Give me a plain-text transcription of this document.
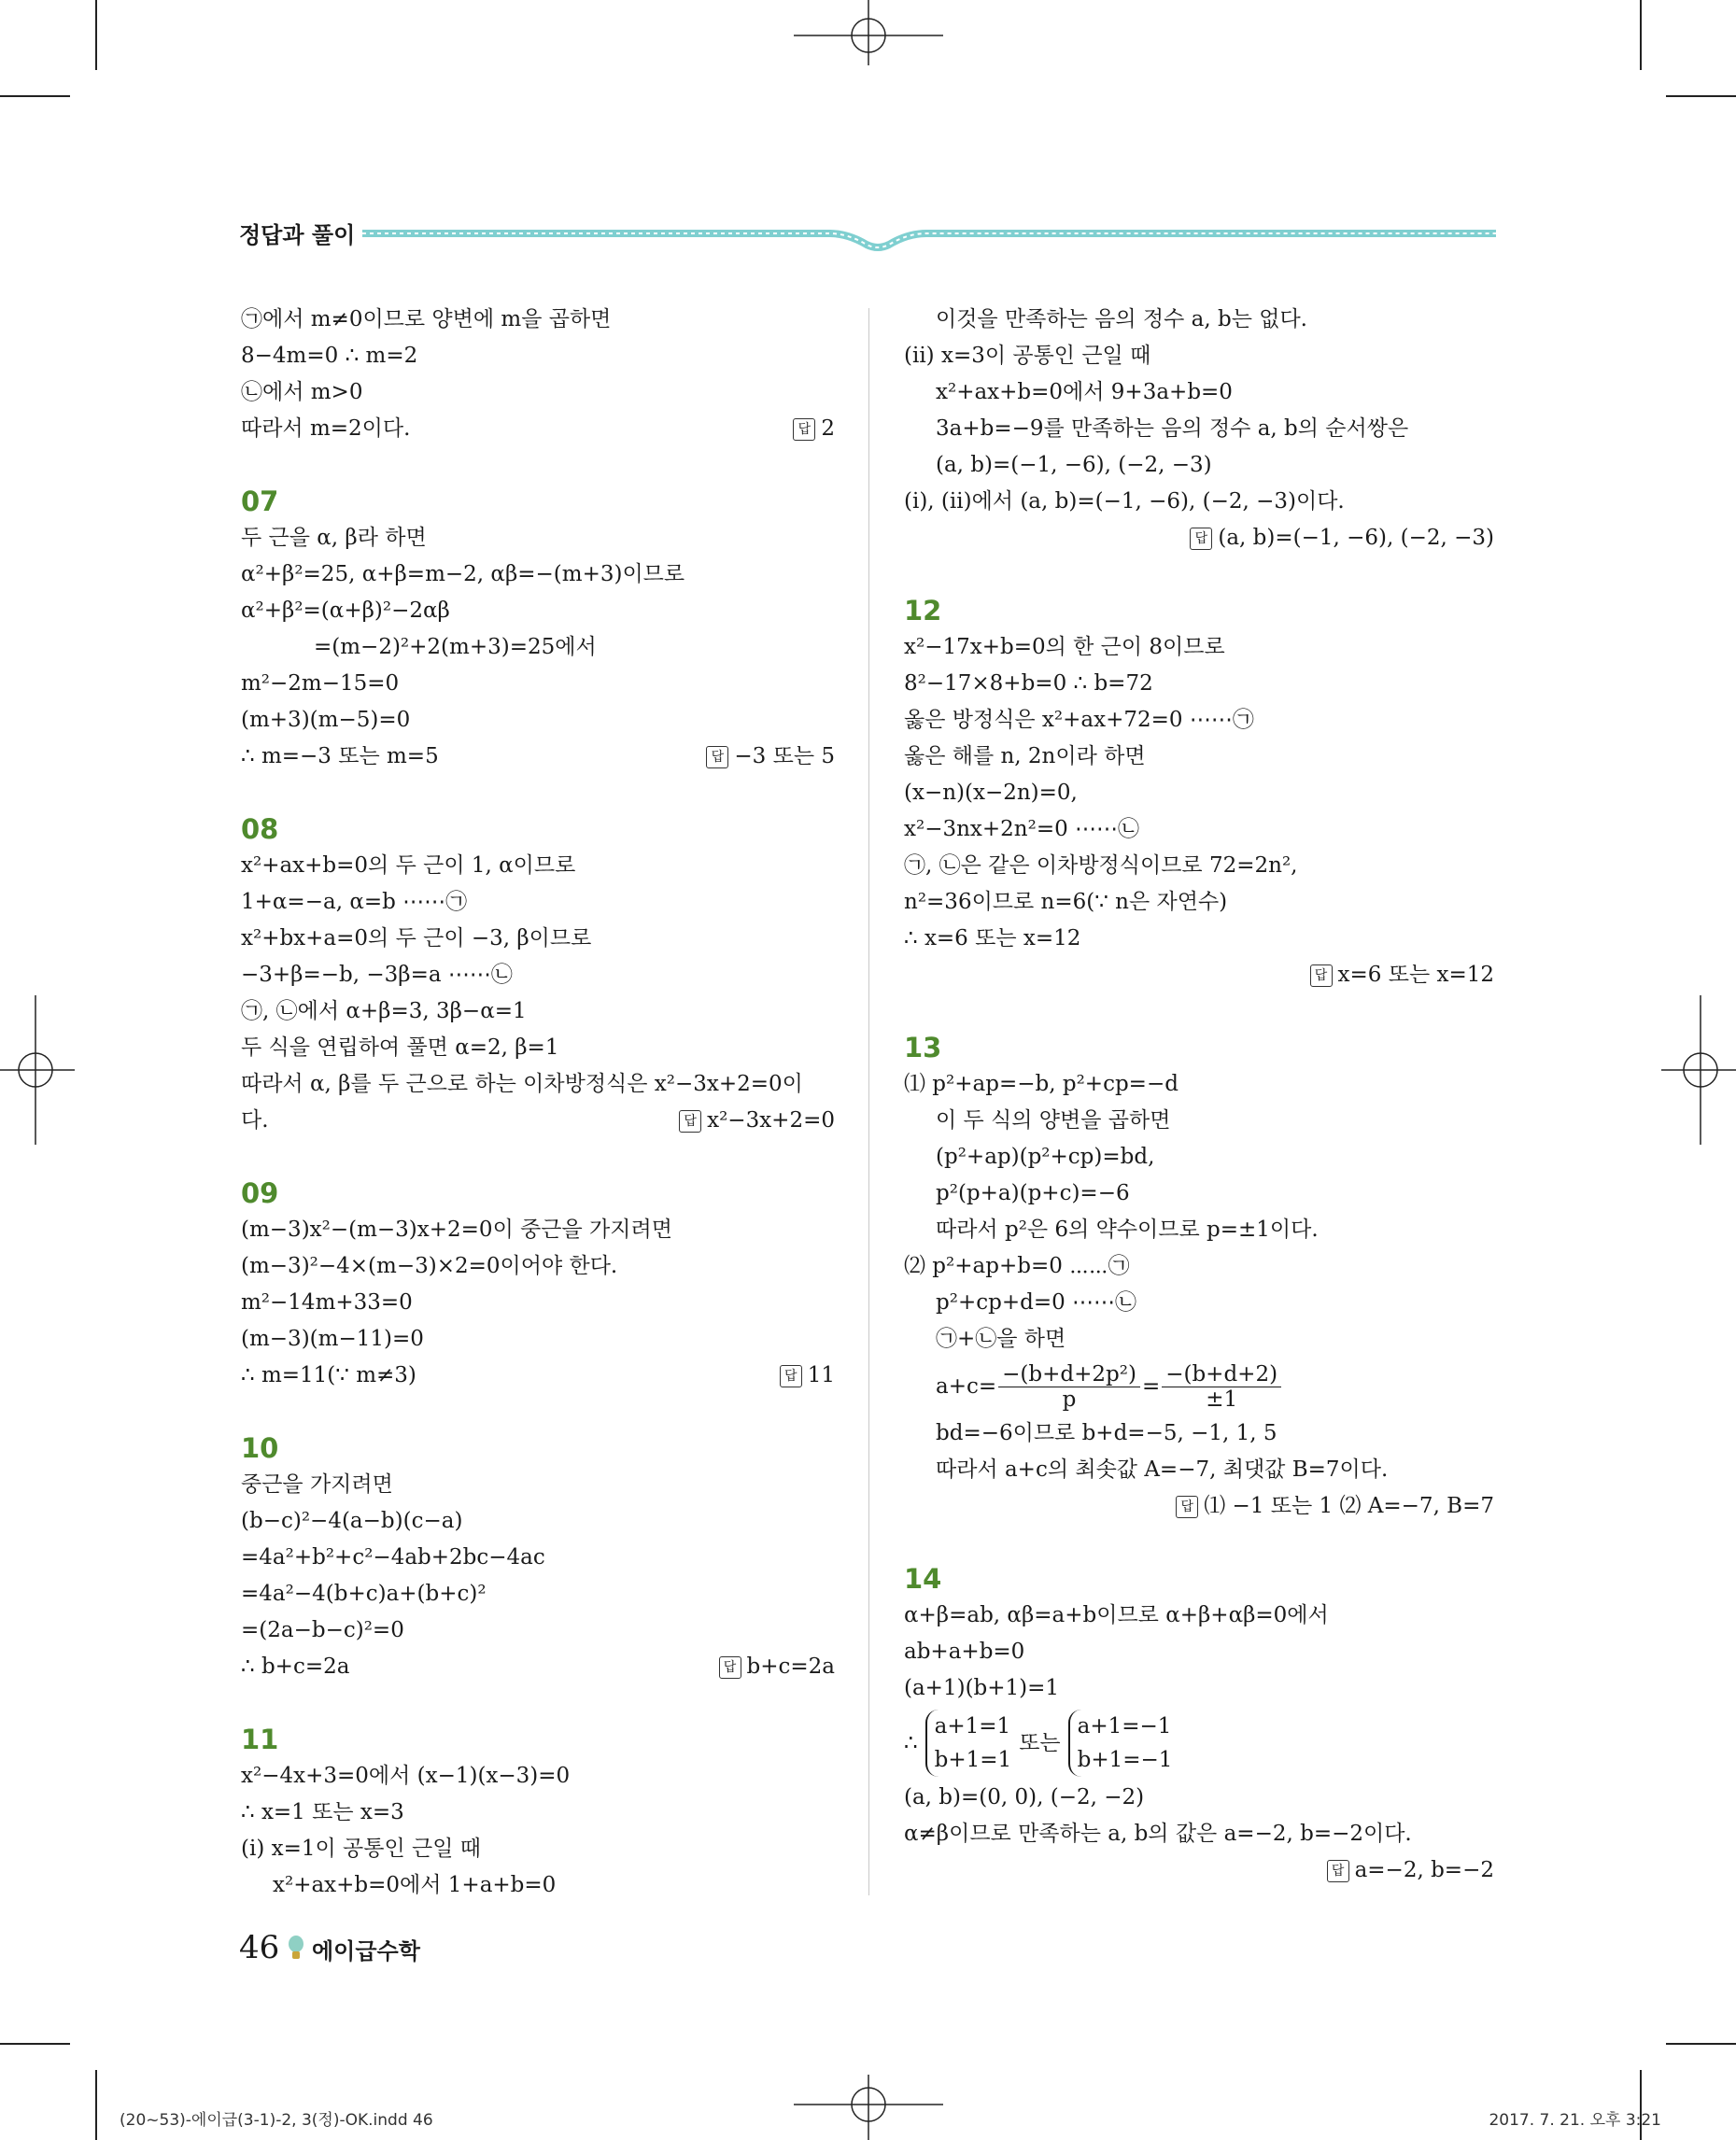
정답과 풀이
㉠에서 m≠0이므로 양변에 m을 곱하면
8−4m=0 ∴ m=2
㉡에서 m>0
따라서 m=2이다.	답 2
07
두 근을 α, β라 하면
α²+β²=25, α+β=m−2, αβ=−(m+3)이므로
α²+β²=(α+β)²−2αβ
=(m−2)²+2(m+3)=25에서
m²−2m−15=0
(m+3)(m−5)=0
∴ m=−3 또는 m=5	답 −3 또는 5
08
x²+ax+b=0의 두 근이 1, α이므로
1+α=−a, α=b ⋯⋯㉠
x²+bx+a=0의 두 근이 −3, β이므로
−3+β=−b, −3β=a ⋯⋯㉡
㉠, ㉡에서 α+β=3, 3β−α=1
두 식을 연립하여 풀면 α=2, β=1
따라서 α, β를 두 근으로 하는 이차방정식은 x²−3x+2=0이
다.	답 x²−3x+2=0
09
(m−3)x²−(m−3)x+2=0이 중근을 가지려면
(m−3)²−4×(m−3)×2=0이어야 한다.
m²−14m+33=0
(m−3)(m−11)=0
∴ m=11(∵ m≠3)	답 11
10
중근을 가지려면
(b−c)²−4(a−b)(c−a)
=4a²+b²+c²−4ab+2bc−4ac
=4a²−4(b+c)a+(b+c)²
=(2a−b−c)²=0
∴ b+c=2a	답 b+c=2a
11
x²−4x+3=0에서 (x−1)(x−3)=0
∴ x=1 또는 x=3
(ⅰ) x=1이 공통인 근일 때
x²+ax+b=0에서 1+a+b=0
이것을 만족하는 음의 정수 a, b는 없다.
(ⅱ) x=3이 공통인 근일 때
x²+ax+b=0에서 9+3a+b=0
3a+b=−9를 만족하는 음의 정수 a, b의 순서쌍은
(a, b)=(−1, −6), (−2, −3)
(ⅰ), (ⅱ)에서 (a, b)=(−1, −6), (−2, −3)이다.
답 (a, b)=(−1, −6), (−2, −3)
12
x²−17x+b=0의 한 근이 8이므로
8²−17×8+b=0 ∴ b=72
옳은 방정식은 x²+ax+72=0 ⋯⋯㉠
옳은 해를 n, 2n이라 하면
(x−n)(x−2n)=0,
x²−3nx+2n²=0 ⋯⋯㉡
㉠, ㉡은 같은 이차방정식이므로 72=2n²,
n²=36이므로 n=6(∵ n은 자연수)
∴ x=6 또는 x=12
답 x=6 또는 x=12
13
⑴ p²+ap=−b, p²+cp=−d
이 두 식의 양변을 곱하면
(p²+ap)(p²+cp)=bd,
p²(p+a)(p+c)=−6
따라서 p²은 6의 약수이므로 p=±1이다.
⑵ p²+ap+b=0 ⋯⋯㉠
p²+cp+d=0 ⋯⋯㉡
㉠+㉡을 하면
$a+c= \frac{\text{−(b+d+2p²)}}{p} = \frac{-(b+d+2)}{\pm 1}$
bd=−6이므로 b+d=−5, −1, 1, 5
따라서 a+c의 최솟값 A=−7, 최댓값 B=7이다.
답 ⑴ −1 또는 1 ⑵ A=−7, B=7
14
α+β=ab, αβ=a+b이므로 α+β+αβ=0에서
ab+a+b=0
(a+1)(b+1)=1
∴
a+1=1
b+1=1
또는
a+1=−1
b+1=−1
(a, b)=(0, 0), (−2, −2)
α≠β이므로 만족하는 a, b의 값은 a=−2, b=−2이다.
답 a=−2, b=−2
46 에이급수학
(20~53)-에이급(3-1)-2, 3(정)-OK.indd 46	2017. 7. 21. 오후 3:21
